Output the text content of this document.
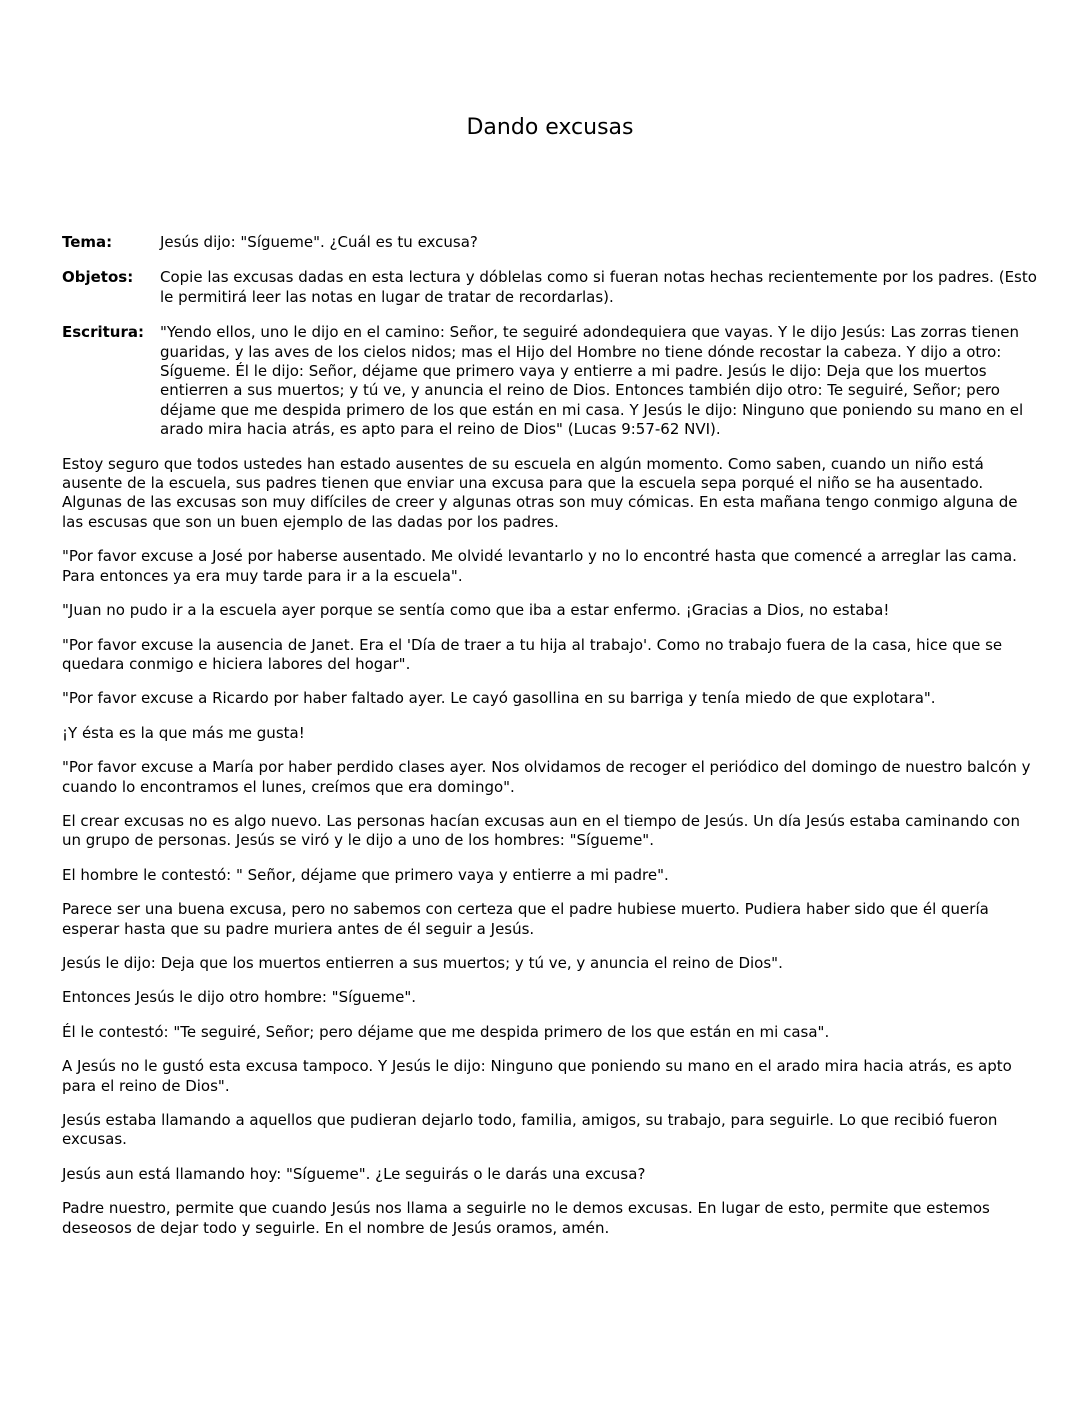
Dando excusas
Tema:	Jesús dijo: "Sígueme". ¿Cuál es tu excusa?
Objetos:	Copie las excusas dadas en esta lectura y dóblelas como si fueran notas hechas recientemente por los padres. (Esto le permitirá leer las notas en lugar de tratar de recordarlas).
Escritura:	"Yendo ellos, uno le dijo en el camino: Señor, te seguiré adondequiera que vayas. Y le dijo Jesús: Las zorras tienen guaridas, y las aves de los cielos nidos; mas el Hijo del Hombre no tiene dónde recostar la cabeza. Y dijo a otro: Sígueme. Él le dijo: Señor, déjame que primero vaya y entierre a mi padre. Jesús le dijo: Deja que los muertos entierren a sus muertos; y tú ve, y anuncia el reino de Dios. Entonces también dijo otro: Te seguiré, Señor; pero déjame que me despida primero de los que están en mi casa. Y Jesús le dijo: Ninguno que poniendo su mano en el arado mira hacia atrás, es apto para el reino de Dios" (Lucas 9:57-62 NVI).

Estoy seguro que todos ustedes han estado ausentes de su escuela en algún momento. Como saben, cuando un niño está ausente de la escuela, sus padres tienen que enviar una excusa para que la escuela sepa porqué el niño se ha ausentado. Algunas de las excusas son muy difíciles de creer y algunas otras son muy cómicas. En esta mañana tengo conmigo alguna de las escusas que son un buen ejemplo de las dadas por los padres.

"Por favor excuse a José por haberse ausentado. Me olvidé levantarlo y no lo encontré hasta que comencé a arreglar las cama. Para entonces ya era muy tarde para ir a la escuela".

"Juan no pudo ir a la escuela ayer porque se sentía como que iba a estar enfermo. ¡Gracias a Dios, no estaba!

"Por favor excuse la ausencia de Janet. Era el 'Día de traer a tu hija al trabajo'. Como no trabajo fuera de la casa, hice que se quedara conmigo e hiciera labores del hogar".

"Por favor excuse a Ricardo por haber faltado ayer. Le cayó gasollina en su barriga y tenía miedo de que explotara".

¡Y ésta es la que más me gusta!

"Por favor excuse a María por haber perdido clases ayer. Nos olvidamos de recoger el periódico del domingo de nuestro balcón y cuando lo encontramos el lunes, creímos que era domingo".

El crear excusas no es algo nuevo. Las personas hacían excusas aun en el tiempo de Jesús. Un día Jesús estaba caminando con un grupo de personas. Jesús se viró y le dijo a uno de los hombres: "Sígueme".

El hombre le contestó: " Señor, déjame que primero vaya y entierre a mi padre".

Parece ser una buena excusa, pero no sabemos con certeza que el padre hubiese muerto. Pudiera haber sido que él quería esperar hasta que su padre muriera antes de él seguir a Jesús.

Jesús le dijo: Deja que los muertos entierren a sus muertos; y tú ve, y anuncia el reino de Dios".

Entonces Jesús le dijo otro hombre: "Sígueme".

Él le contestó: "Te seguiré, Señor; pero déjame que me despida primero de los que están en mi casa".

A Jesús no le gustó esta excusa tampoco. Y Jesús le dijo: Ninguno que poniendo su mano en el arado mira hacia atrás, es apto para el reino de Dios".

Jesús estaba llamando a aquellos que pudieran dejarlo todo, familia, amigos, su trabajo, para seguirle. Lo que recibió fueron excusas.

Jesús aun está llamando hoy: "Sígueme". ¿Le seguirás o le darás una excusa?

Padre nuestro, permite que cuando Jesús nos llama a seguirle no le demos excusas. En lugar de esto, permite que estemos deseosos de dejar todo y seguirle. En el nombre de Jesús oramos, amén.
